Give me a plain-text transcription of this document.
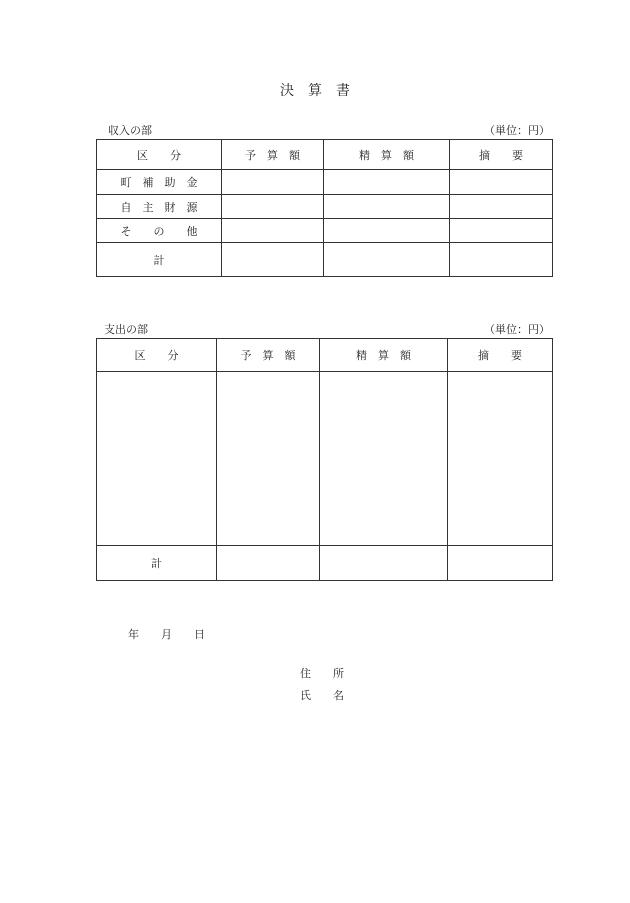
決　算　書
収入の部	（単位：円）
区　　分	予　算　額	精　算　額	摘　　要
町　補　助　金			
自　主　財　源			
そ　　の　　他			
計			
支出の部	（単位：円）
区　　分	予　算　額	精　算　額	摘　　要

計			
年　　月　　日
住　　所
氏　　名
